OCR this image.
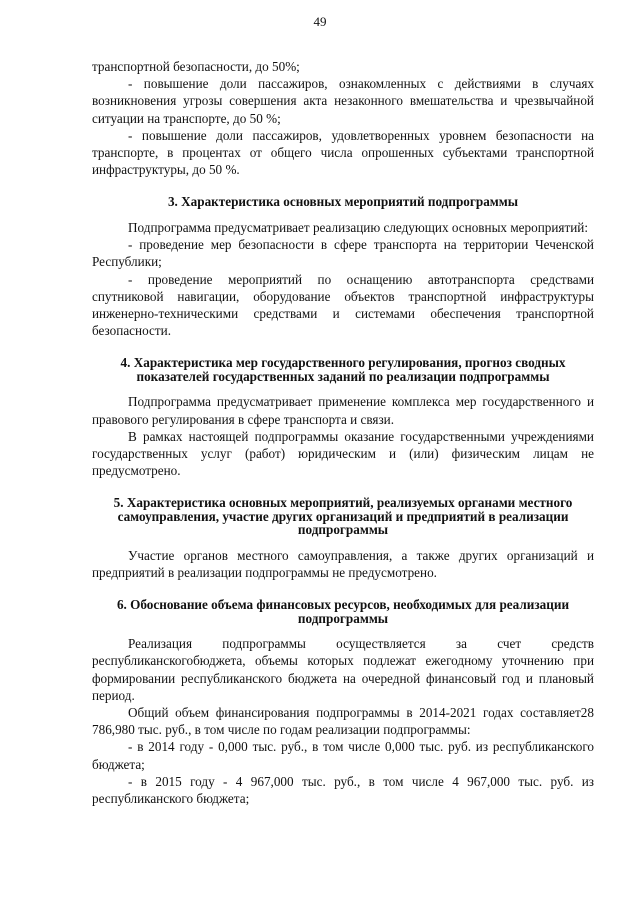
49

транспортной безопасности, до 50%;

- повышение доли пассажиров, ознакомленных с действиями в случаях возникновения угрозы совершения акта незаконного вмешательства и чрезвычайной ситуации на транспорте, до 50 %;

- повышение доли пассажиров, удовлетворенных уровнем безопасности на транспорте, в процентах от общего числа опрошенных субъектами транспортной инфраструктуры, до 50 %.

3. Характеристика основных мероприятий подпрограммы

Подпрограмма предусматривает реализацию следующих основных мероприятий:

- проведение мер безопасности в сфере транспорта на территории Чеченской Республики;

- проведение мероприятий по оснащению автотранспорта средствами спутниковой навигации, оборудование объектов транспортной инфраструктуры инженерно-техническими средствами и системами обеспечения транспортной безопасности.

4. Характеристика мер государственного регулирования, прогноз сводных показателей государственных заданий по реализации подпрограммы

Подпрограмма предусматривает применение комплекса мер государственного и правового регулирования в сфере транспорта и связи.

В рамках настоящей подпрограммы оказание государственными учреждениями государственных услуг (работ) юридическим и (или) физическим лицам не предусмотрено.

5. Характеристика основных мероприятий, реализуемых органами местного самоуправления, участие других организаций и предприятий в реализации подпрограммы

Участие органов местного самоуправления, а также других организаций и предприятий в реализации подпрограммы не предусмотрено.

6. Обоснование объема финансовых ресурсов, необходимых для реализации подпрограммы

Реализация подпрограммы осуществляется за счет средств республиканскогобюджета, объемы которых подлежат ежегодному уточнению при формировании республиканского бюджета на очередной финансовый год и плановый период.

Общий объем финансирования подпрограммы в 2014-2021 годах составляет28 786,980 тыс. руб., в том числе по годам реализации подпрограммы:

- в 2014 году - 0,000 тыс. руб., в том числе 0,000 тыс. руб. из республиканского бюджета;

- в 2015 году - 4 967,000 тыс. руб., в том числе 4 967,000 тыс. руб. из республиканского бюджета;
